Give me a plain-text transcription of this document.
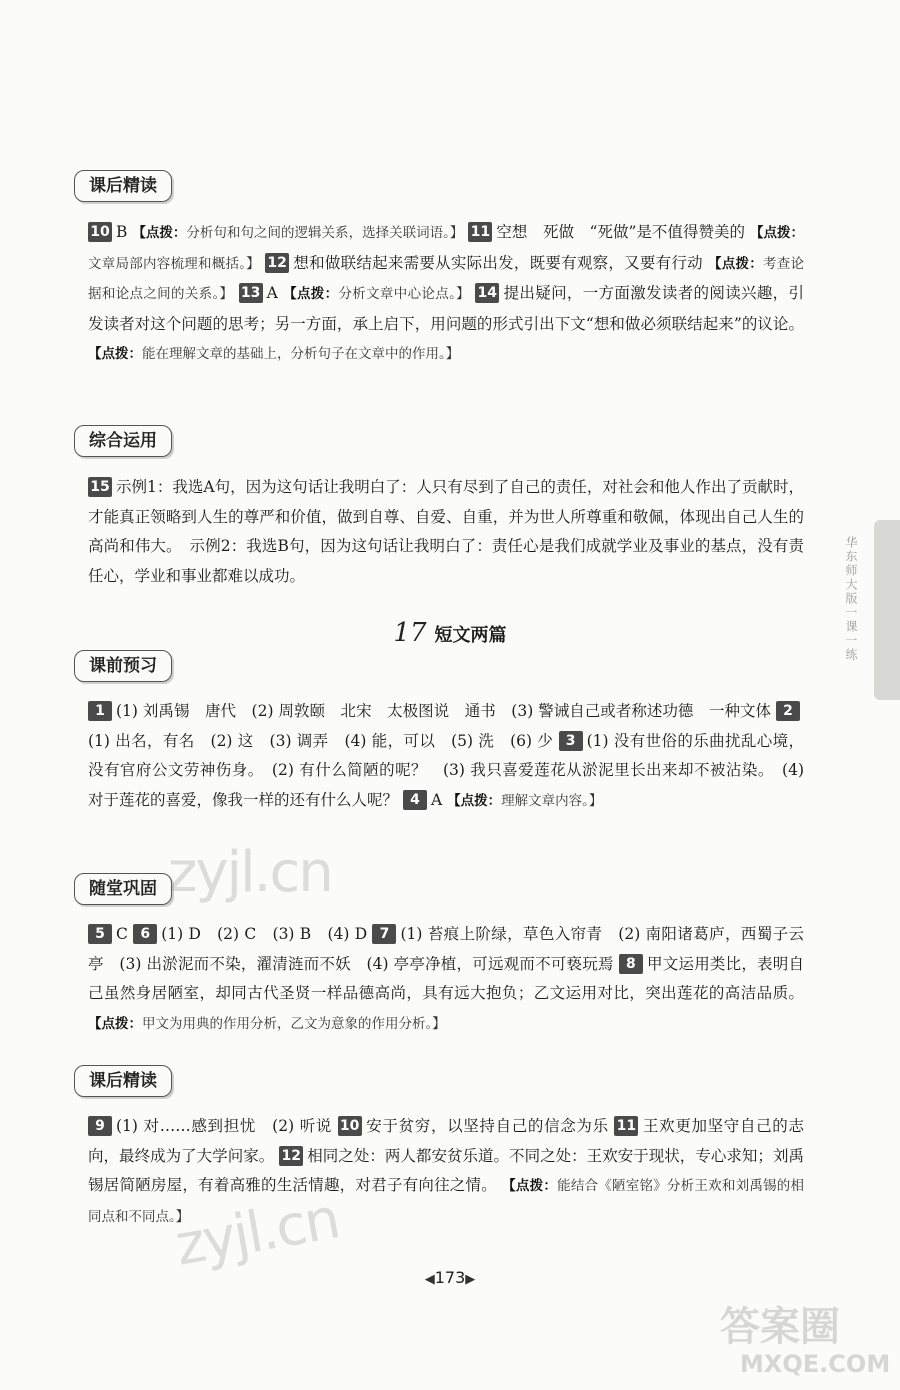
课后精读
10 B 【点拨：分析句和句之间的逻辑关系，选择关联词语。】 11 空想　死做　“死做”是不值得赞美的 【点拨：文章局部内容梳理和概括。】 12 想和做联结起来需要从实际出发，既要有观察，又要有行动 【点拨：考查论据和论点之间的关系。】 13 A 【点拨：分析文章中心论点。】 14 提出疑问，一方面激发读者的阅读兴趣，引发读者对这个问题的思考；另一方面，承上启下，用问题的形式引出下文“想和做必须联结起来”的议论。 【点拨：能在理解文章的基础上，分析句子在文章中的作用。】
综合运用
15 示例1：我选A句，因为这句话让我明白了：人只有尽到了自己的责任，对社会和他人作出了贡献时，才能真正领略到人生的尊严和价值，做到自尊、自爱、自重，并为世人所尊重和敬佩，体现出自己人生的高尚和伟大。　示例2：我选B句，因为这句话让我明白了：责任心是我们成就学业及事业的基点，没有责任心，学业和事业都难以成功。
17 短文两篇
课前预习
1 (1) 刘禹锡　唐代　(2) 周敦颐　北宋　太极图说　通书　(3) 警诫自己或者称述功德　一种文体 2(1) 出名，有名　(2) 这　(3) 调弄　(4) 能，可以　(5) 洗　(6) 少 3 (1) 没有世俗的乐曲扰乱心境，没有官府公文劳神伤身。　(2) 有什么简陋的呢？　(3) 我只喜爱莲花从淤泥里长出来却不被沾染。　(4) 对于莲花的喜爱，像我一样的还有什么人呢？ 4 A 【点拨：理解文章内容。】
随堂巩固
5 C 6 (1) D　(2) C　(3) B　(4) D 7 (1) 苔痕上阶绿，草色入帘青　(2) 南阳诸葛庐，西蜀子云亭　(3) 出淤泥而不染，濯清涟而不妖　(4) 亭亭净植，可远观而不可亵玩焉 8 甲文运用类比，表明自己虽然身居陋室，却同古代圣贤一样品德高尚，具有远大抱负；乙文运用对比，突出莲花的高洁品质。 【点拨：甲文为用典的作用分析，乙文为意象的作用分析。】
课后精读
9 (1) 对……感到担忧　(2) 听说 10 安于贫穷，以坚持自己的信念为乐 11 王欢更加坚守自己的志向，最终成为了大学问家。 12 相同之处：两人都安贫乐道。不同之处：王欢安于现状，专心求知；刘禹锡居简陋房屋，有着高雅的生活情趣，对君子有向往之情。 【点拨：能结合《陋室铭》分析王欢和刘禹锡的相同点和不同点。】
华东师大版一课一练
◀173▶
zyjl.cn
zyjl.cn
答案圈
MXQE.COM
